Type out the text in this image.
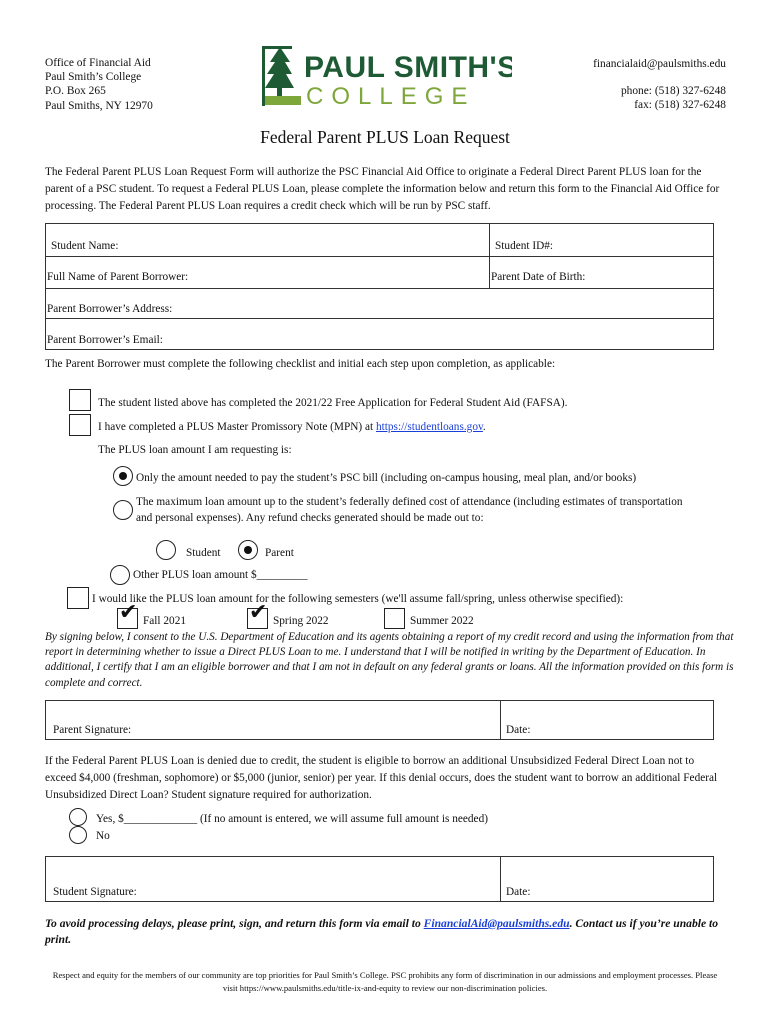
Office of Financial Aid
Paul Smith’s College
P.O. Box 265
Paul Smiths, NY 12970
PAUL SMITH'S
COLLEGE
financialaid@paulsmiths.edu
phone: (518) 327-6248
fax: (518) 327-6248
Federal Parent PLUS Loan Request
The Federal Parent PLUS Loan Request Form will authorize the PSC Financial Aid Office to originate a Federal Direct Parent PLUS loan for the parent of a PSC student. To request a Federal PLUS Loan, please complete the information below and return this form to the Financial Aid Office for processing. The Federal Parent PLUS Loan requires a credit check which will be run by PSC staff.
Student Name:	Student ID#:
Full Name of Parent Borrower:	Parent Date of Birth:
Parent Borrower’s Address:
Parent Borrower’s Email:
The Parent Borrower must complete the following checklist and initial each step upon completion, as applicable:
The student listed above has completed the 2021/22 Free Application for Federal Student Aid (FAFSA).
I have completed a PLUS Master Promissory Note (MPN) at https://studentloans.gov.
The PLUS loan amount I am requesting is:
Only the amount needed to pay the student’s PSC bill (including on-campus housing, meal plan, and/or books)
The maximum loan amount up to the student’s federally defined cost of attendance (including estimates of transportation and personal expenses). Any refund checks generated should be made out to:
Student	Parent
Other PLUS loan amount $_________
I would like the PLUS loan amount for the following semesters (we'll assume fall/spring, unless otherwise specified):
✔ Fall 2021	✔ Spring 2022	Summer 2022
By signing below, I consent to the U.S. Department of Education and its agents obtaining a report of my credit record and using the information from that report in determining whether to issue a Direct PLUS Loan to me. I understand that I will be notified in writing by the Department of Education. In additional, I certify that I am an eligible borrower and that I am not in default on any federal grants or loans. All the information provided on this form is complete and correct.
Parent Signature:	Date:
If the Federal Parent PLUS Loan is denied due to credit, the student is eligible to borrow an additional Unsubsidized Federal Direct Loan not to exceed $4,000 (freshman, sophomore) or $5,000 (junior, senior) per year. If this denial occurs, does the student want to borrow an additional Federal Unsubsidized Direct Loan? Student signature required for authorization.
Yes, $_____________ (If no amount is entered, we will assume full amount is needed)
No
Student Signature:	Date:
To avoid processing delays, please print, sign, and return this form via email to FinancialAid@paulsmiths.edu. Contact us if you’re unable to print.
Respect and equity for the members of our community are top priorities for Paul Smith’s College. PSC prohibits any form of discrimination in our admissions and employment processes. Please visit https://www.paulsmiths.edu/title-ix-and-equity to review our non-discrimination policies.
